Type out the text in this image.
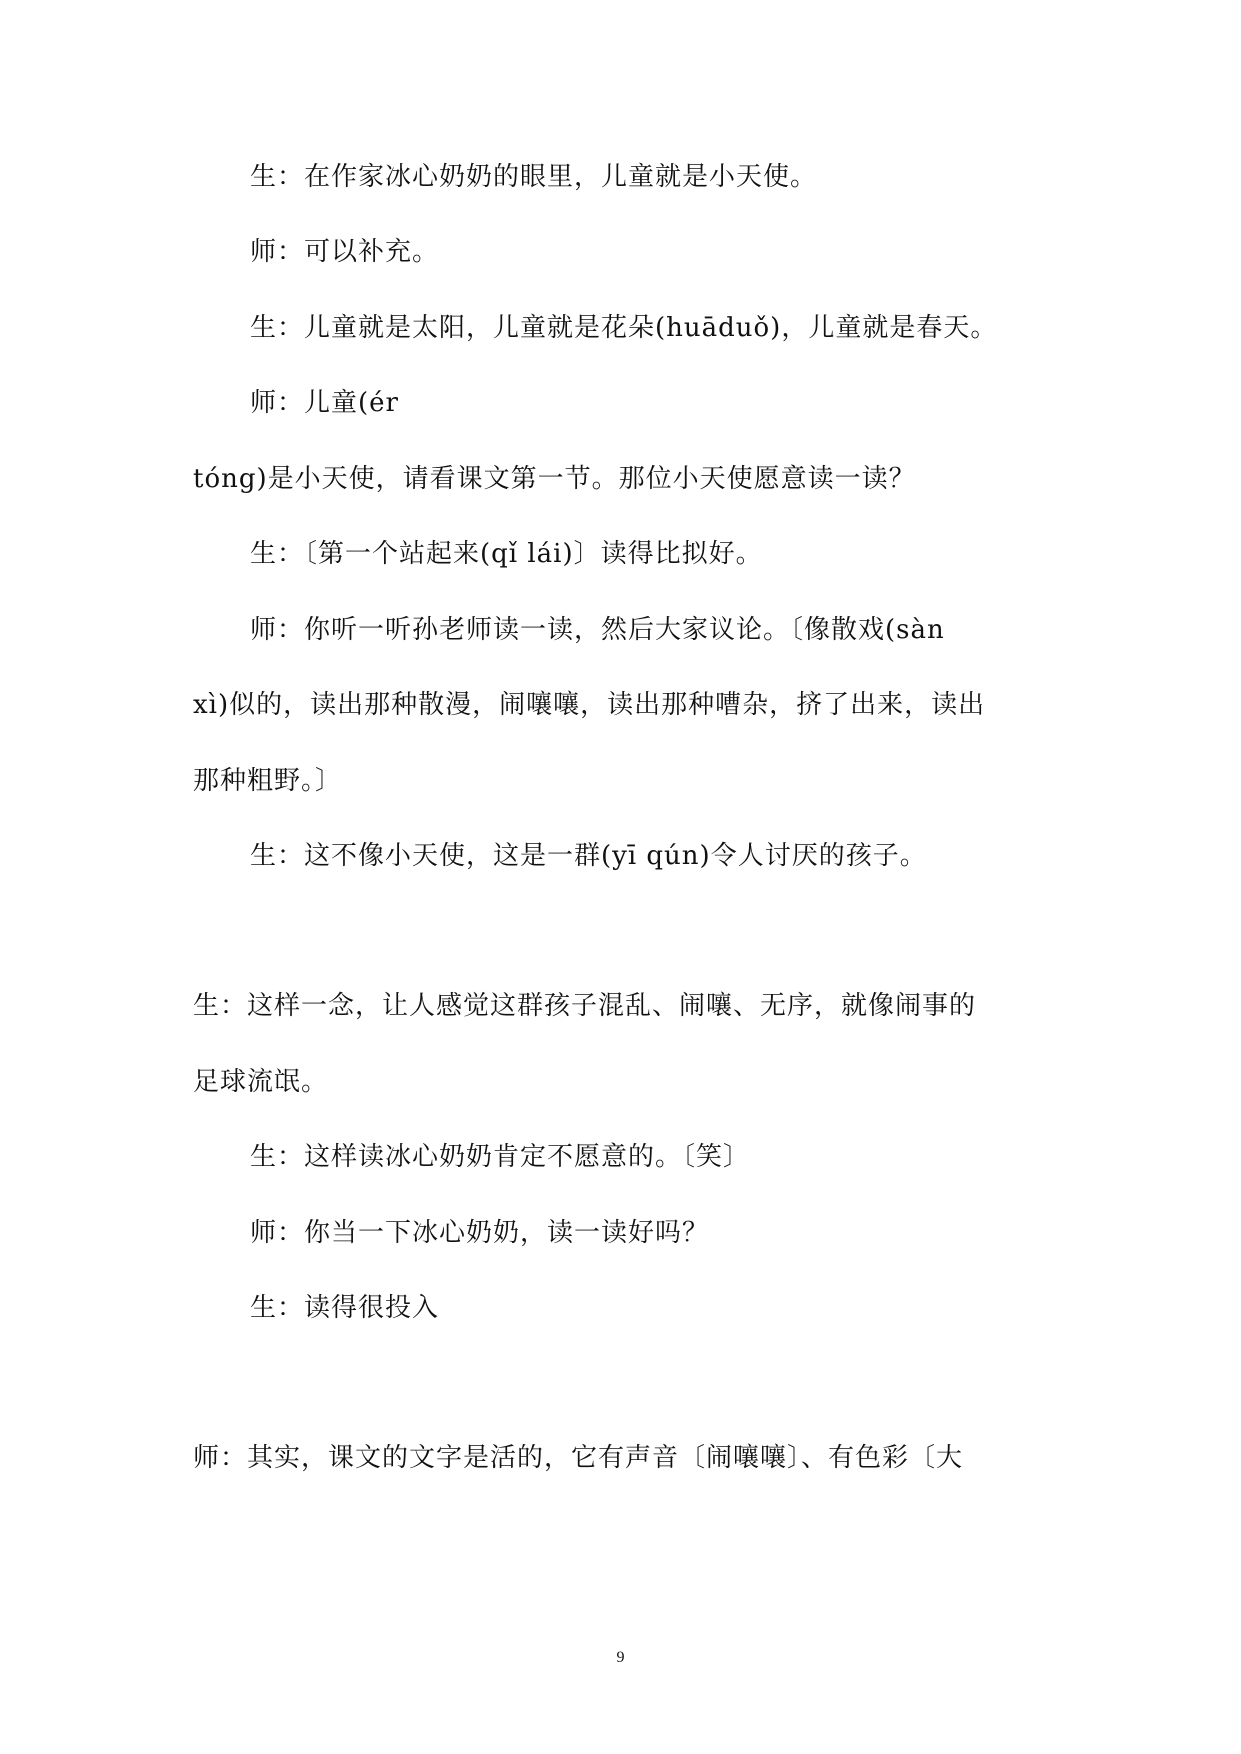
生：在作家冰心奶奶的眼里，儿童就是小天使。
师：可以补充。
生：儿童就是太阳，儿童就是花朵(huāduǒ)，儿童就是春天。
师：儿童(ér
tóng)是小天使，请看课文第一节。那位小天使愿意读一读？
生：〔第一个站起来(qǐ lái)〕读得比拟好。
师：你听一听孙老师读一读，然后大家议论。〔像散戏(sàn
xì)似的，读出那种散漫，闹嚷嚷，读出那种嘈杂，挤了出来，读出
那种粗野。〕
生：这不像小天使，这是一群(yī qún)令人讨厌的孩子。
生：这样一念，让人感觉这群孩子混乱、闹嚷、无序，就像闹事的
足球流氓。
生：这样读冰心奶奶肯定不愿意的。〔笑〕
师：你当一下冰心奶奶，读一读好吗？
生：读得很投入
师：其实，课文的文字是活的，它有声音〔闹嚷嚷〕、有色彩〔大
9
